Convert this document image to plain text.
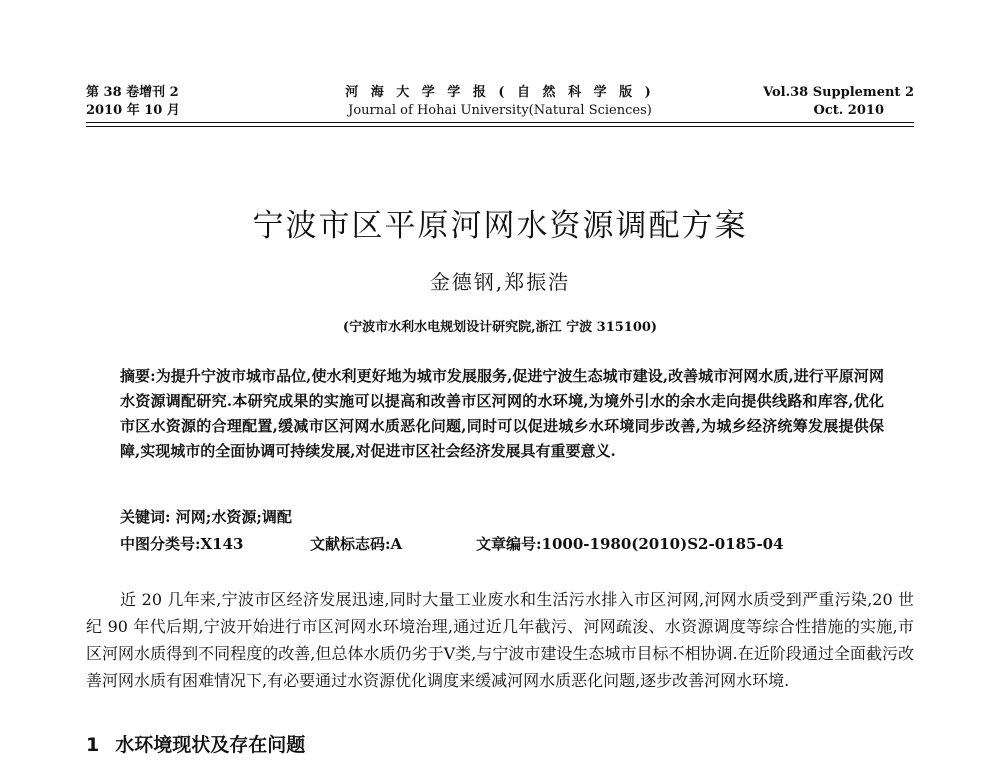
第 38 卷增刊 2
2010 年 10 月
河 海 大 学 学 报 ( 自 然 科 学 版 )
Journal of Hohai University(Natural Sciences)
Vol.38 Supplement 2
Oct. 2010
宁波市区平原河网水资源调配方案
金德钢,郑振浩
(宁波市水利水电规划设计研究院,浙江 宁波 315100)
摘要:为提升宁波市城市品位,使水利更好地为城市发展服务,促进宁波生态城市建设,改善城市河网水质,进行平原河网水资源调配研究.本研究成果的实施可以提高和改善市区河网的水环境,为境外引水的余水走向提供线路和库容,优化市区水资源的合理配置,缓减市区河网水质恶化问题,同时可以促进城乡水环境同步改善,为城乡经济统筹发展提供保障,实现城市的全面协调可持续发展,对促进市区社会经济发展具有重要意义.
关键词: 河网;水资源;调配
中图分类号:X143	文献标志码:A	文章编号:1000-1980(2010)S2-0185-04
近 20 几年来,宁波市区经济发展迅速,同时大量工业废水和生活污水排入市区河网,河网水质受到严重污染,20 世纪 90 年代后期,宁波开始进行市区河网水环境治理,通过近几年截污、河网疏浚、水资源调度等综合性措施的实施,市区河网水质得到不同程度的改善,但总体水质仍劣于Ⅴ类,与宁波市建设生态城市目标不相协调.在近阶段通过全面截污改善河网水质有困难情况下,有必要通过水资源优化调度来缓减河网水质恶化问题,逐步改善河网水环境.
1 水环境现状及存在问题
